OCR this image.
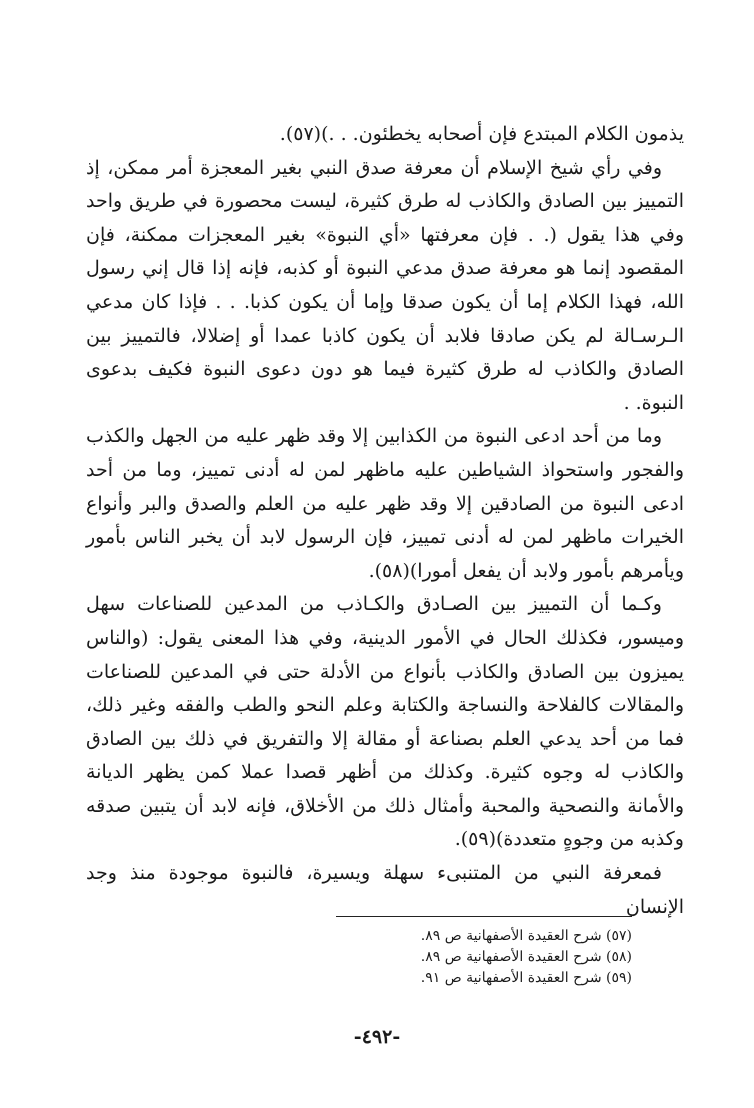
يذمون الكلام المبتدع فإن أصحابه يخطئون. . .)(٥٧).

وفي رأي شيخ الإسلام أن معرفة صدق النبي بغير المعجزة أمر ممكن، إذ التمييز بين الصادق والكاذب له طرق كثيرة، ليست محصورة في طريق واحد وفي هذا يقول (. . فإن معرفتها «أي النبوة» بغير المعجزات ممكنة، فإن المقصود إنما هو معرفة صدق مدعي النبوة أو كذبه، فإنه إذا قال إني رسول الله، فهذا الكلام إما أن يكون صدقا وإما أن يكون كذبا. . . فإذا كان مدعي الـرسـالة لم يكن صادقا فلابد أن يكون كاذبا عمدا أو إضلالا، فالتمييز بين الصادق والكاذب له طرق كثيرة فيما هو دون دعوى النبوة فكيف بدعوى النبوة. .

وما من أحد ادعى النبوة من الكذابين إلا وقد ظهر عليه من الجهل والكذب والفجور واستحواذ الشياطين عليه ماظهر لمن له أدنى تمييز، وما من أحد ادعى النبوة من الصادقين إلا وقد ظهر عليه من العلم والصدق والبر وأنواع الخيرات ماظهر لمن له أدنى تمييز، فإن الرسول لابد أن يخبر الناس بأمور ويأمرهم بأمور ولابد أن يفعل أمورا)(٥٨).

وكـما أن التمييز بين الصـادق والكـاذب من المدعين للصناعات سهل وميسور، فكذلك الحال في الأمور الدينية، وفي هذا المعنى يقول: (والناس يميزون بين الصادق والكاذب بأنواع من الأدلة حتى في المدعين للصناعات والمقالات كالفلاحة والنساجة والكتابة وعلم النحو والطب والفقه وغير ذلك، فما من أحد يدعي العلم بصناعة أو مقالة إلا والتفريق في ذلك بين الصادق والكاذب له وجوه كثيرة. وكذلك من أظهر قصدا عملا كمن يظهر الديانة والأمانة والنصحية والمحبة وأمثال ذلك من الأخلاق، فإنه لابد أن يتبين صدقه وكذبه من وجوهٍ متعددة)(٥٩).

فمعرفة النبي من المتنبىء سهلة ويسيرة، فالنبوة موجودة منذ وجد الإنسان

(٥٧) شرح العقيدة الأصفهانية ص ٨٩.

(٥٨) شرح العقيدة الأصفهانية ص ٨٩.

(٥٩) شرح العقيدة الأصفهانية ص ٩١.

-٤٩٢-
